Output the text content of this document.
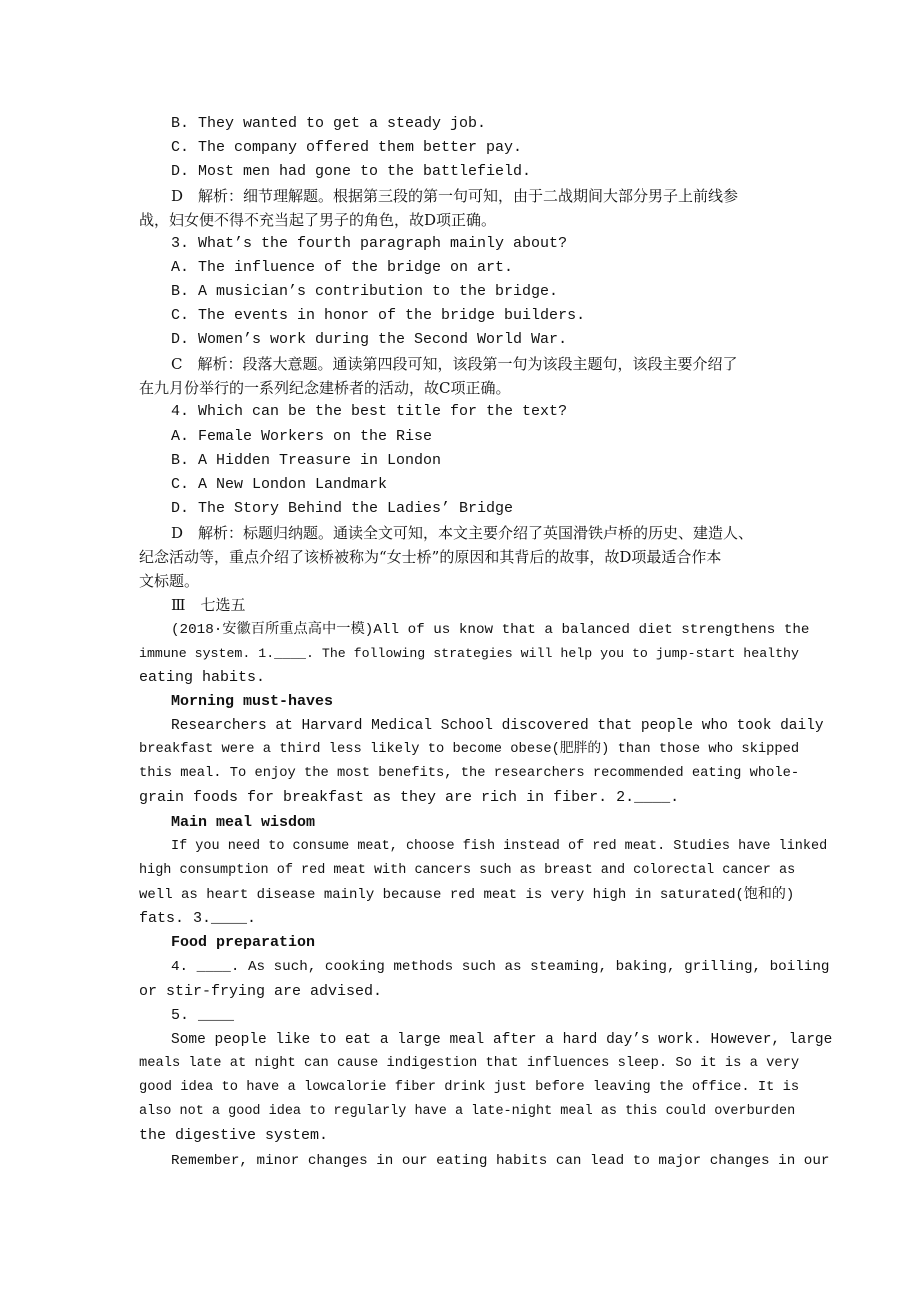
B. They wanted to get a steady job.
C. The company offered them better pay.
D. Most men had gone to the battlefield.
D　解析：细节理解题。根据第三段的第一句可知，由于二战期间大部分男子上前线参
战，妇女便不得不充当起了男子的角色，故D项正确。
3. What’s the fourth paragraph mainly about?
A. The influence of the bridge on art.
B. A musician’s contribution to the bridge.
C. The events in honor of the bridge builders.
D. Women’s work during the Second World War.
C　解析：段落大意题。通读第四段可知，该段第一句为该段主题句，该段主要介绍了
在九月份举行的一系列纪念建桥者的活动，故C项正确。
4. Which can be the best title for the text?
A. Female Workers on the Rise
B. A Hidden Treasure in London
C. A New London Landmark
D. The Story Behind the Ladies’ Bridge
D　解析：标题归纳题。通读全文可知，本文主要介绍了英国滑铁卢桥的历史、建造人、
纪念活动等，重点介绍了该桥被称为“女士桥”的原因和其背后的故事，故D项最适合作本
文标题。
Ⅲ　七选五
(2018·安徽百所重点高中一模)All of us know that a balanced diet strengthens the
immune system. 1.____. The following strategies will help you to jump-start healthy
eating habits.
Morning must-haves
Researchers at Harvard Medical School discovered that people who took daily
breakfast were a third less likely to become obese(肥胖的) than those who skipped
this meal. To enjoy the most benefits, the researchers recommended eating whole-
grain foods for breakfast as they are rich in fiber. 2.____.
Main meal wisdom
If you need to consume meat, choose fish instead of red meat. Studies have linked
high consumption of red meat with cancers such as breast and colorectal cancer as
well as heart disease mainly because red meat is very high in saturated(饱和的)
fats. 3.____.
Food preparation
4. ____. As such, cooking methods such as steaming, baking, grilling, boiling
or stir-frying are advised.
5. ____
Some people like to eat a large meal after a hard day’s work. However, large
meals late at night can cause indigestion that influences sleep. So it is a very
good idea to have a lowcalorie fiber drink just before leaving the office. It is
also not a good idea to regularly have a late-night meal as this could overburden
the digestive system.
Remember, minor changes in our eating habits can lead to major changes in our
